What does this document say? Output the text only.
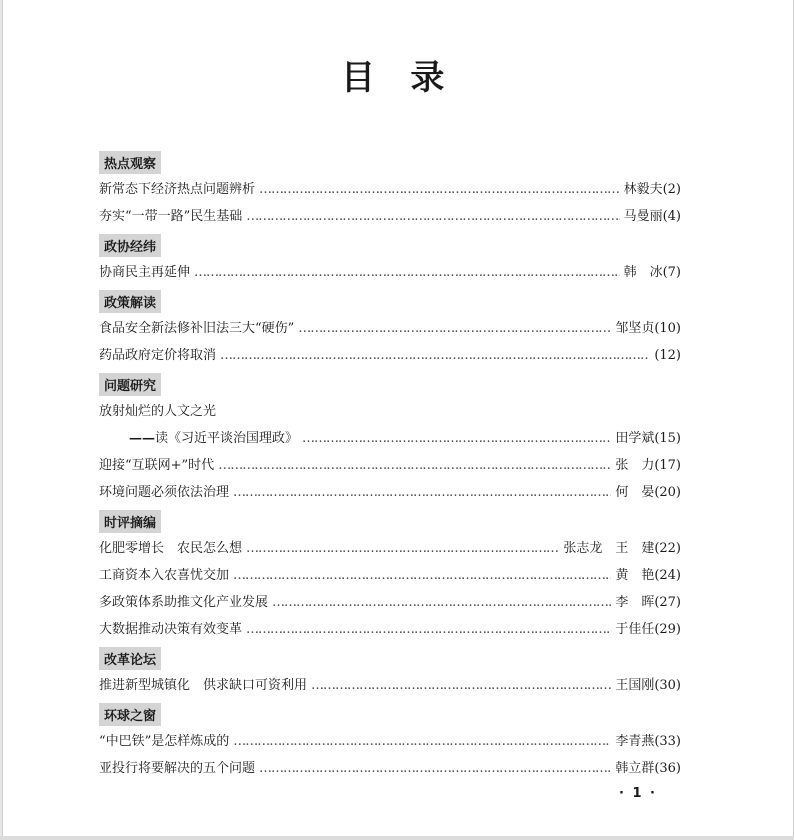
目　录
热点观察
新常态下经济热点问题辨析 ……………………………………………………………………………………………………………………………………………………………………	林毅夫(2)
夯实“一带一路”民生基础 ……………………………………………………………………………………………………………………………………………………………………	马曼丽(4)
政协经纬
协商民主再延伸 ……………………………………………………………………………………………………………………………………………………………………	韩　冰(7)
政策解读
食品安全新法修补旧法三大“硬伤” ……………………………………………………………………………………………………………………………………………………………………	邹坚贞(10)
药品政府定价将取消 ……………………………………………………………………………………………………………………………………………………………………	(12)
问题研究
放射灿烂的人文之光
——读《习近平谈治国理政》 ……………………………………………………………………………………………………………………………………………………………………	田学斌(15)
迎接“互联网+”时代 ……………………………………………………………………………………………………………………………………………………………………	张　力(17)
环境问题必须依法治理 ……………………………………………………………………………………………………………………………………………………………………	何　晏(20)
时评摘编
化肥零增长　农民怎么想 ……………………………………………………………………………………………………………………………………………………………………	张志龙　王　建(22)
工商资本入农喜忧交加 ……………………………………………………………………………………………………………………………………………………………………	黄　艳(24)
多政策体系助推文化产业发展 ……………………………………………………………………………………………………………………………………………………………………	李　晖(27)
大数据推动决策有效变革 ……………………………………………………………………………………………………………………………………………………………………	于佳任(29)
改革论坛
推进新型城镇化　供求缺口可资利用 ……………………………………………………………………………………………………………………………………………………………………	王国刚(30)
环球之窗
“中巴铁”是怎样炼成的 ……………………………………………………………………………………………………………………………………………………………………	李青燕(33)
亚投行将要解决的五个问题 ……………………………………………………………………………………………………………………………………………………………………	韩立群(36)
· 1 ·
